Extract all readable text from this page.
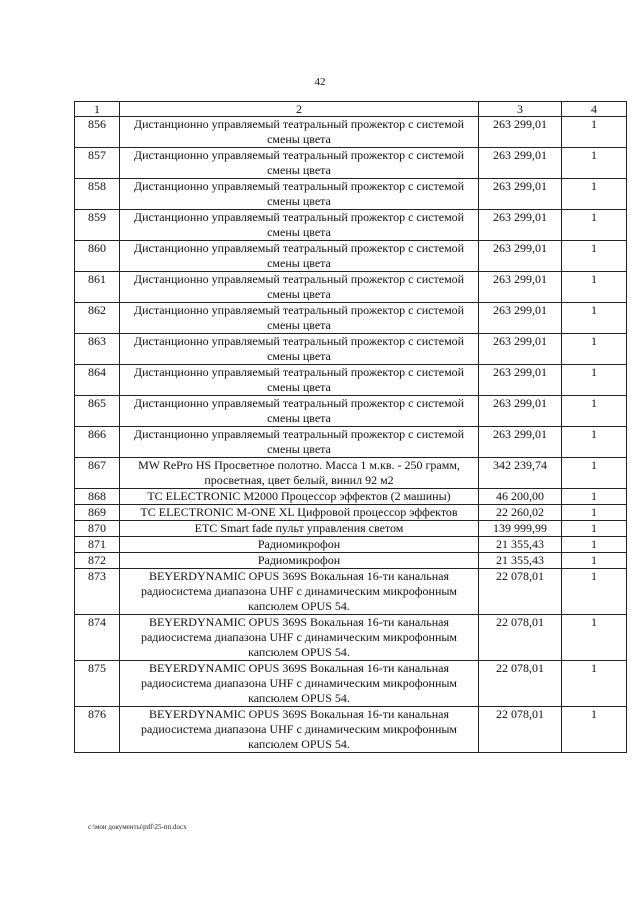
42
1	2	3	4
856	Дистанционно управляемый театральный прожектор с системой смены цвета	263 299,01	1
857	Дистанционно управляемый театральный прожектор с системой смены цвета	263 299,01	1
858	Дистанционно управляемый театральный прожектор с системой смены цвета	263 299,01	1
859	Дистанционно управляемый театральный прожектор с системой смены цвета	263 299,01	1
860	Дистанционно управляемый театральный прожектор с системой смены цвета	263 299,01	1
861	Дистанционно управляемый театральный прожектор с системой смены цвета	263 299,01	1
862	Дистанционно управляемый театральный прожектор с системой смены цвета	263 299,01	1
863	Дистанционно управляемый театральный прожектор с системой смены цвета	263 299,01	1
864	Дистанционно управляемый театральный прожектор с системой смены цвета	263 299,01	1
865	Дистанционно управляемый театральный прожектор с системой смены цвета	263 299,01	1
866	Дистанционно управляемый театральный прожектор с системой смены цвета	263 299,01	1
867	MW RePro HS Просветное полотно. Масса 1 м.кв. - 250 грамм, просветная, цвет белый, винил 92 м2	342 239,74	1
868	TC ELECTRONIC M2000 Процессор эффектов (2 машины)	46 200,00	1
869	TC ELECTRONIC M-ONE XL Цифровой процессор эффектов	22 260,02	1
870	ETC Smart fade пульт управления светом	139 999,99	1
871	Радиомикрофон	21 355,43	1
872	Радиомикрофон	21 355,43	1
873	BEYERDYNAMIC OPUS 369S Вокальная 16-ти канальная радиосистема диапазона UHF с динамическим микрофонным капсюлем OPUS 54.	22 078,01	1
874	BEYERDYNAMIC OPUS 369S Вокальная 16-ти канальная радиосистема диапазона UHF с динамическим микрофонным капсюлем OPUS 54.	22 078,01	1
875	BEYERDYNAMIC OPUS 369S Вокальная 16-ти канальная радиосистема диапазона UHF с динамическим микрофонным капсюлем OPUS 54.	22 078,01	1
876	BEYERDYNAMIC OPUS 369S Вокальная 16-ти канальная радиосистема диапазона UHF с динамическим микрофонным капсюлем OPUS 54.	22 078,01	1
c:\мои документы\pdf\25-пп.docx
